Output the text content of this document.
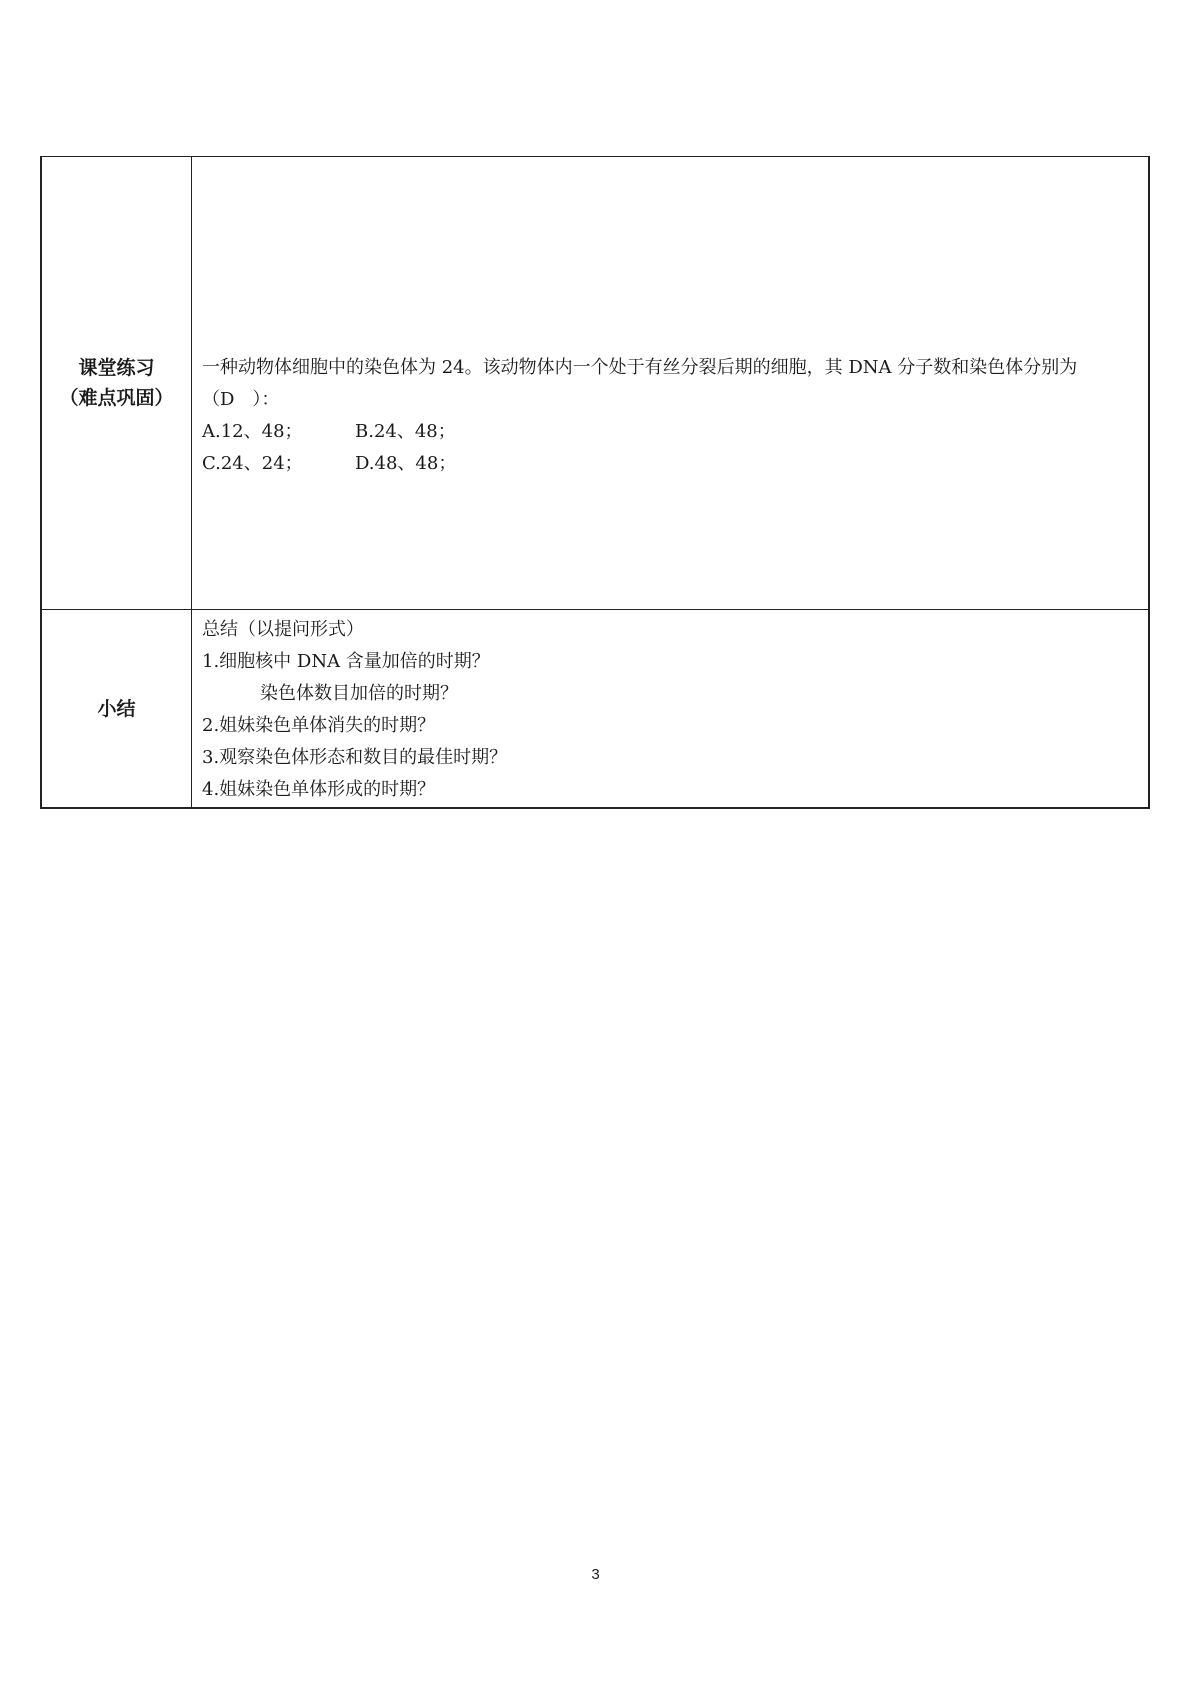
课堂练习
（难点巩固）
一种动物体细胞中的染色体为 24。该动物体内一个处于有丝分裂后期的细胞，其 DNA 分子数和染色体分别为（D　）：
A.12、48；	B.24、48；
C.24、24；	D.48、48；
小结
总结（以提问形式）
1.细胞核中 DNA 含量加倍的时期？
染色体数目加倍的时期？
2.姐妹染色单体消失的时期？
3.观察染色体形态和数目的最佳时期？
4.姐妹染色单体形成的时期？
3
